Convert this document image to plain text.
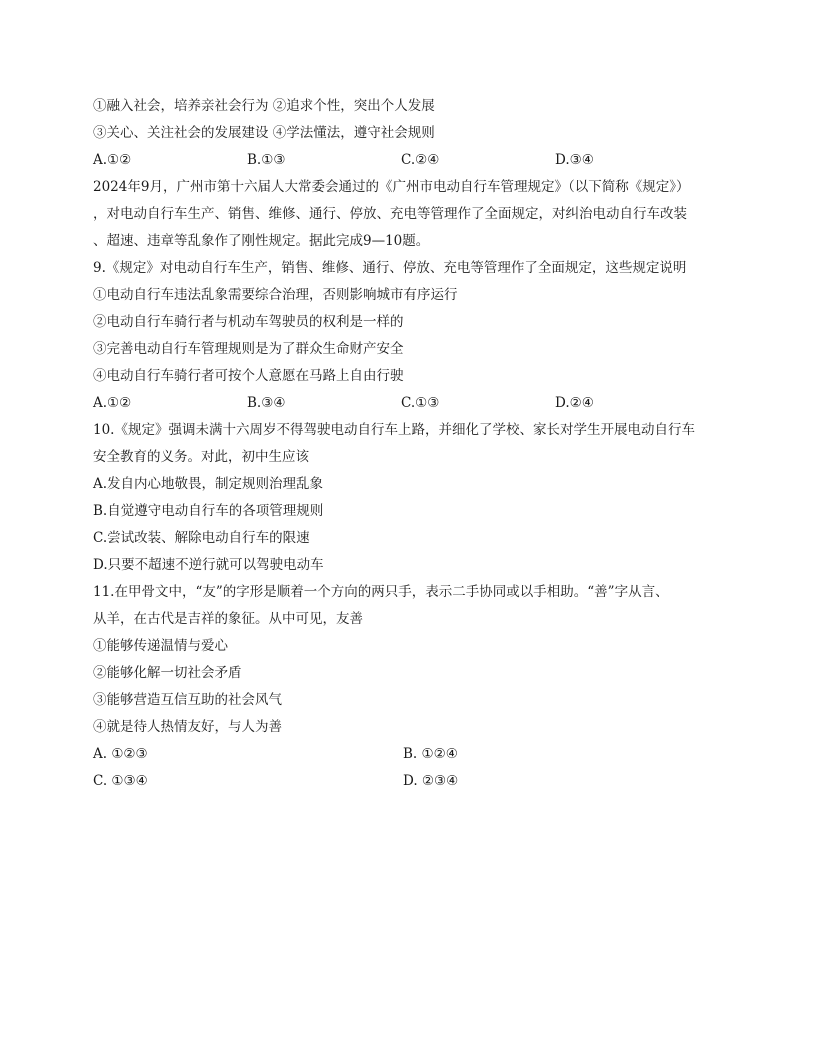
①融入社会，培养亲社会行为 ②追求个性，突出个人发展
③关心、关注社会的发展建设 ④学法懂法，遵守社会规则
A.①②	B.①③	C.②④	D.③④
2024年9月，广州市第十六届人大常委会通过的《广州市电动自行车管理规定》（以下简称《规定》）
，对电动自行车生产、销售、维修、通行、停放、充电等管理作了全面规定，对纠治电动自行车改装
、超速、违章等乱象作了刚性规定。据此完成9—10题。
9.《规定》对电动自行车生产，销售、维修、通行、停放、充电等管理作了全面规定，这些规定说明
①电动自行车违法乱象需要综合治理，否则影响城市有序运行
②电动自行车骑行者与机动车驾驶员的权利是一样的
③完善电动自行车管理规则是为了群众生命财产安全
④电动自行车骑行者可按个人意愿在马路上自由行驶
A.①②	B.③④	C.①③	D.②④
10.《规定》强调未满十六周岁不得驾驶电动自行车上路，并细化了学校、家长对学生开展电动自行车
安全教育的义务。对此，初中生应该
A.发自内心地敬畏，制定规则治理乱象
B.自觉遵守电动自行车的各项管理规则
C.尝试改装、解除电动自行车的限速
D.只要不超速不逆行就可以驾驶电动车
11.在甲骨文中，“友”的字形是顺着一个方向的两只手，表示二手协同或以手相助。“善”字从言、
从羊，在古代是吉祥的象征。从中可见，友善
①能够传递温情与爱心
②能够化解一切社会矛盾
③能够营造互信互助的社会风气
④就是待人热情友好，与人为善
A. ①②③	B. ①②④
C. ①③④	D. ②③④
